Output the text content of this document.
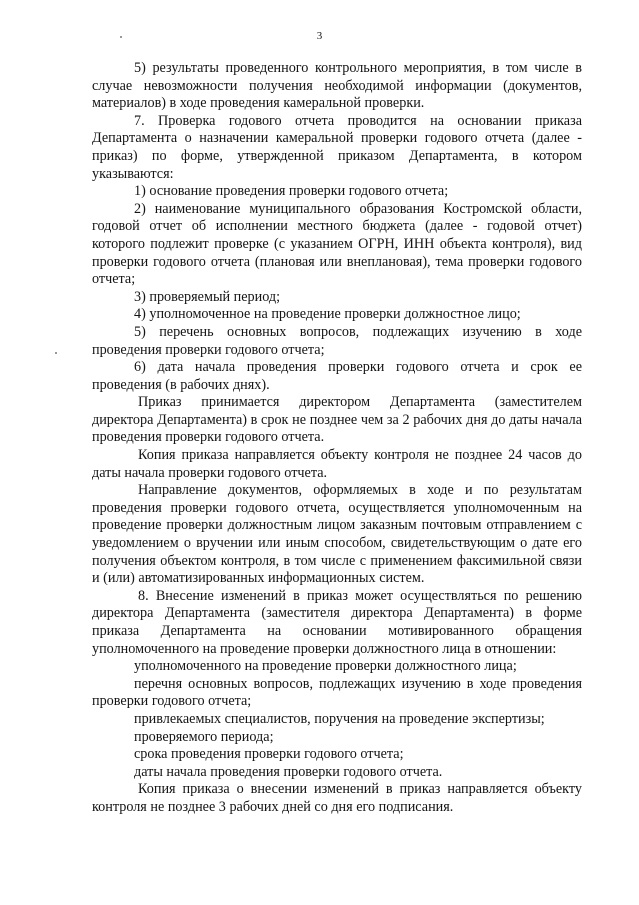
3

5) результаты проведенного контрольного мероприятия, в том числе в случае невозможности получения необходимой информации (документов, материалов) в ходе проведения камеральной проверки.

7. Проверка годового отчета проводится на основании приказа Департамента о назначении камеральной проверки годового отчета (далее - приказ) по форме, утвержденной приказом Департамента, в котором указываются:

1) основание проведения проверки годового отчета;

2) наименование муниципального образования Костромской области, годовой отчет об исполнении местного бюджета (далее - годовой отчет) которого подлежит проверке (с указанием ОГРН, ИНН объекта контроля), вид проверки годового отчета (плановая или внеплановая), тема проверки годового отчета;

3) проверяемый период;

4) уполномоченное на проведение проверки должностное лицо;

5) перечень основных вопросов, подлежащих изучению в ходе проведения проверки годового отчета;

6) дата начала проведения проверки годового отчета и срок ее проведения (в рабочих днях).

Приказ принимается директором Департамента (заместителем директора Департамента) в срок не позднее чем за 2 рабочих дня до даты начала проведения проверки годового отчета.

Копия приказа направляется объекту контроля не позднее 24 часов до даты начала проверки годового отчета.

Направление документов, оформляемых в ходе и по результатам проведения проверки годового отчета, осуществляется уполномоченным на проведение проверки должностным лицом заказным почтовым отправлением с уведомлением о вручении или иным способом, свидетельствующим о дате его получения объектом контроля, в том числе с применением факсимильной связи и (или) автоматизированных информационных систем.

8. Внесение изменений в приказ может осуществляться по решению директора Департамента (заместителя директора Департамента) в форме приказа Департамента на основании мотивированного обращения уполномоченного на проведение проверки должностного лица в отношении:

уполномоченного на проведение проверки должностного лица;

перечня основных вопросов, подлежащих изучению в ходе проведения проверки годового отчета;

привлекаемых специалистов, поручения на проведение экспертизы;

проверяемого периода;

срока проведения проверки годового отчета;

даты начала проведения проверки годового отчета.

Копия приказа о внесении изменений в приказ направляется объекту контроля не позднее 3 рабочих дней со дня его подписания.
